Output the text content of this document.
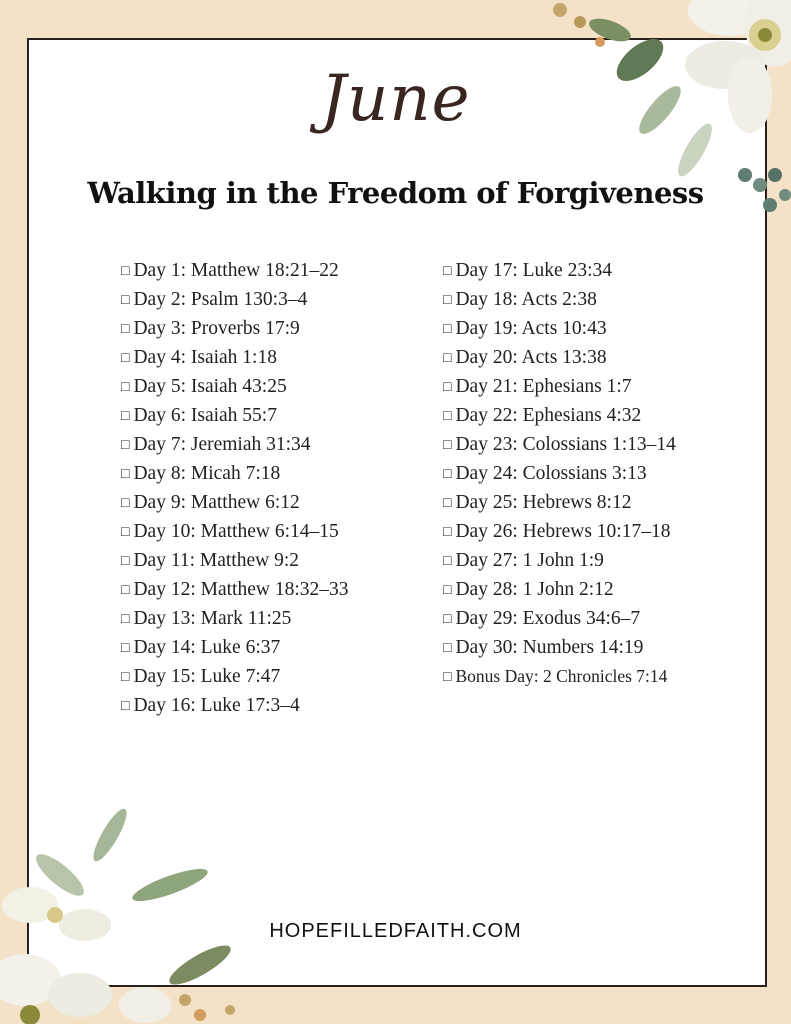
June
Walking in the Freedom of Forgiveness
□ Day 1: Matthew 18:21–22
□ Day 2: Psalm 130:3–4
□ Day 3: Proverbs 17:9
□ Day 4: Isaiah 1:18
□ Day 5: Isaiah 43:25
□ Day 6: Isaiah 55:7
□ Day 7: Jeremiah 31:34
□ Day 8: Micah 7:18
□ Day 9: Matthew 6:12
□ Day 10: Matthew 6:14–15
□ Day 11: Matthew 9:2
□ Day 12: Matthew 18:32–33
□ Day 13: Mark 11:25
□ Day 14: Luke 6:37
□ Day 15: Luke 7:47
□ Day 16: Luke 17:3–4
□ Day 17: Luke 23:34
□ Day 18: Acts 2:38
□ Day 19: Acts 10:43
□ Day 20: Acts 13:38
□ Day 21: Ephesians 1:7
□ Day 22: Ephesians 4:32
□ Day 23: Colossians 1:13–14
□ Day 24: Colossians 3:13
□ Day 25: Hebrews 8:12
□ Day 26: Hebrews 10:17–18
□ Day 27: 1 John 1:9
□ Day 28: 1 John 2:12
□ Day 29: Exodus 34:6–7
□ Day 30: Numbers 14:19
□ Bonus Day: 2 Chronicles 7:14
HOPEFILLEDFAITH.COM
